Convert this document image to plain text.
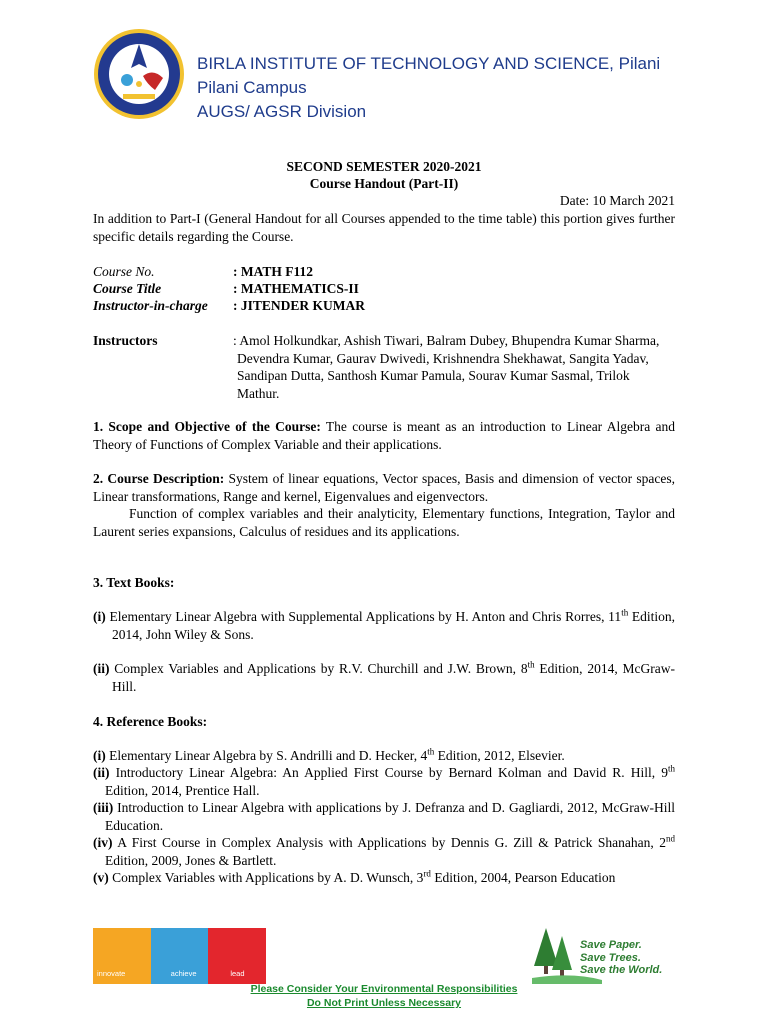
BIRLA INSTITUTE OF TECHNOLOGY AND SCIENCE, Pilani
Pilani Campus
AUGS/ AGSR Division
SECOND SEMESTER 2020-2021
Course Handout (Part-II)
Date: 10 March 2021
In addition to Part-I (General Handout for all Courses appended to the time table) this portion gives further specific details regarding the Course.
Course No.	: MATH F112
Course Title	: MATHEMATICS-II
Instructor-in-charge : JITENDER KUMAR
Instructors	: Amol Holkundkar, Ashish Tiwari, Balram Dubey, Bhupendra Kumar Sharma, Devendra Kumar, Gaurav Dwivedi, Krishnendra Shekhawat, Sangita Yadav, Sandipan Dutta, Santhosh Kumar Pamula, Sourav Kumar Sasmal, Trilok Mathur.
1. Scope and Objective of the Course: The course is meant as an introduction to Linear Algebra and Theory of Functions of Complex Variable and their applications.
2. Course Description: System of linear equations, Vector spaces, Basis and dimension of vector spaces, Linear transformations, Range and kernel, Eigenvalues and eigenvectors.
Function of complex variables and their analyticity, Elementary functions, Integration, Taylor and Laurent series expansions, Calculus of residues and its applications.
3. Text Books:
(i) Elementary Linear Algebra with Supplemental Applications by H. Anton and Chris Rorres, 11th Edition, 2014, John Wiley & Sons.
(ii) Complex Variables and Applications by R.V. Churchill and J.W. Brown, 8th Edition, 2014, McGraw-Hill.
4. Reference Books:
(i) Elementary Linear Algebra by S. Andrilli and D. Hecker, 4th Edition, 2012, Elsevier.
(ii) Introductory Linear Algebra: An Applied First Course by Bernard Kolman and David R. Hill, 9th Edition, 2014, Prentice Hall.
(iii) Introduction to Linear Algebra with applications by J. Defranza and D. Gagliardi, 2012, McGraw-Hill Education.
(iv) A First Course in Complex Analysis with Applications by Dennis G. Zill & Patrick Shanahan, 2nd Edition, 2009, Jones & Bartlett.
(v) Complex Variables with Applications by A. D. Wunsch, 3rd Edition, 2004, Pearson Education
innovate	achieve	lead
Save Paper.
Save Trees.
Save the World.
Please Consider Your Environmental Responsibilities
Do Not Print Unless Necessary
